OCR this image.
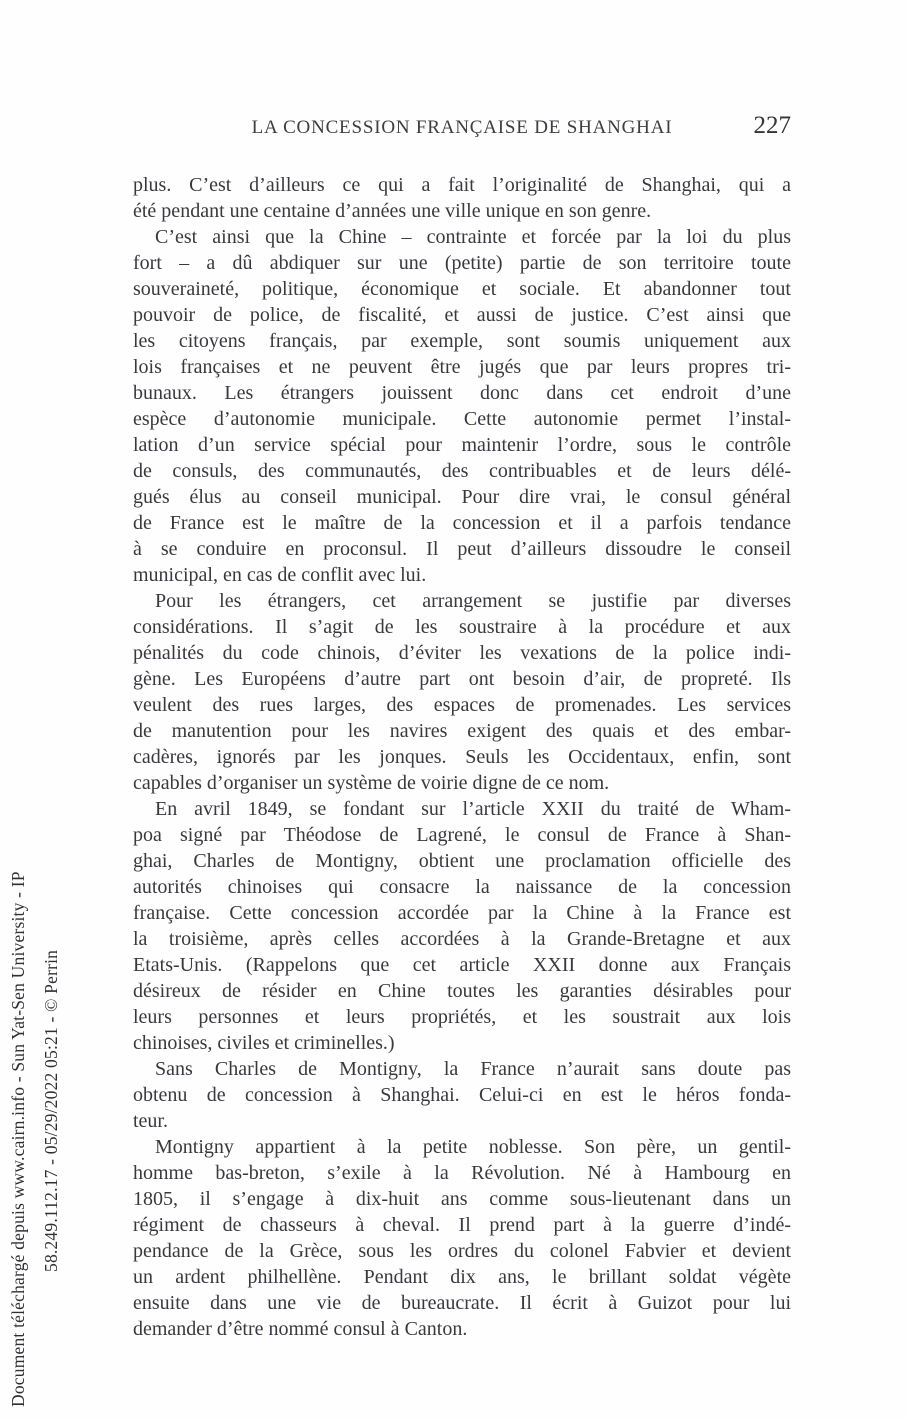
Document téléchargé depuis www.cairn.info - Sun Yat-Sen University - IP 58.249.112.17 - 05/29/2022 05:21 - © Perrin
LA CONCESSION FRANÇAISE DE SHANGHAI	227
plus. C’est d’ailleurs ce qui a fait l’originalité de Shanghai, qui a
été pendant une centaine d’années une ville unique en son genre.
C’est ainsi que la Chine – contrainte et forcée par la loi du plus
fort – a dû abdiquer sur une (petite) partie de son territoire toute
souveraineté, politique, économique et sociale. Et abandonner tout
pouvoir de police, de fiscalité, et aussi de justice. C’est ainsi que
les citoyens français, par exemple, sont soumis uniquement aux
lois françaises et ne peuvent être jugés que par leurs propres tri-
bunaux. Les étrangers jouissent donc dans cet endroit d’une
espèce d’autonomie municipale. Cette autonomie permet l’instal-
lation d’un service spécial pour maintenir l’ordre, sous le contrôle
de consuls, des communautés, des contribuables et de leurs délé-
gués élus au conseil municipal. Pour dire vrai, le consul général
de France est le maître de la concession et il a parfois tendance
à se conduire en proconsul. Il peut d’ailleurs dissoudre le conseil
municipal, en cas de conflit avec lui.
Pour les étrangers, cet arrangement se justifie par diverses
considérations. Il s’agit de les soustraire à la procédure et aux
pénalités du code chinois, d’éviter les vexations de la police indi-
gène. Les Européens d’autre part ont besoin d’air, de propreté. Ils
veulent des rues larges, des espaces de promenades. Les services
de manutention pour les navires exigent des quais et des embar-
cadères, ignorés par les jonques. Seuls les Occidentaux, enfin, sont
capables d’organiser un système de voirie digne de ce nom.
En avril 1849, se fondant sur l’article XXII du traité de Wham-
poa signé par Théodose de Lagrené, le consul de France à Shan-
ghai, Charles de Montigny, obtient une proclamation officielle des
autorités chinoises qui consacre la naissance de la concession
française. Cette concession accordée par la Chine à la France est
la troisième, après celles accordées à la Grande-Bretagne et aux
Etats-Unis. (Rappelons que cet article XXII donne aux Français
désireux de résider en Chine toutes les garanties désirables pour
leurs personnes et leurs propriétés, et les soustrait aux lois
chinoises, civiles et criminelles.)
Sans Charles de Montigny, la France n’aurait sans doute pas
obtenu de concession à Shanghai. Celui-ci en est le héros fonda-
teur.
Montigny appartient à la petite noblesse. Son père, un gentil-
homme bas-breton, s’exile à la Révolution. Né à Hambourg en
1805, il s’engage à dix-huit ans comme sous-lieutenant dans un
régiment de chasseurs à cheval. Il prend part à la guerre d’indé-
pendance de la Grèce, sous les ordres du colonel Fabvier et devient
un ardent philhellène. Pendant dix ans, le brillant soldat végète
ensuite dans une vie de bureaucrate. Il écrit à Guizot pour lui
demander d’être nommé consul à Canton.
